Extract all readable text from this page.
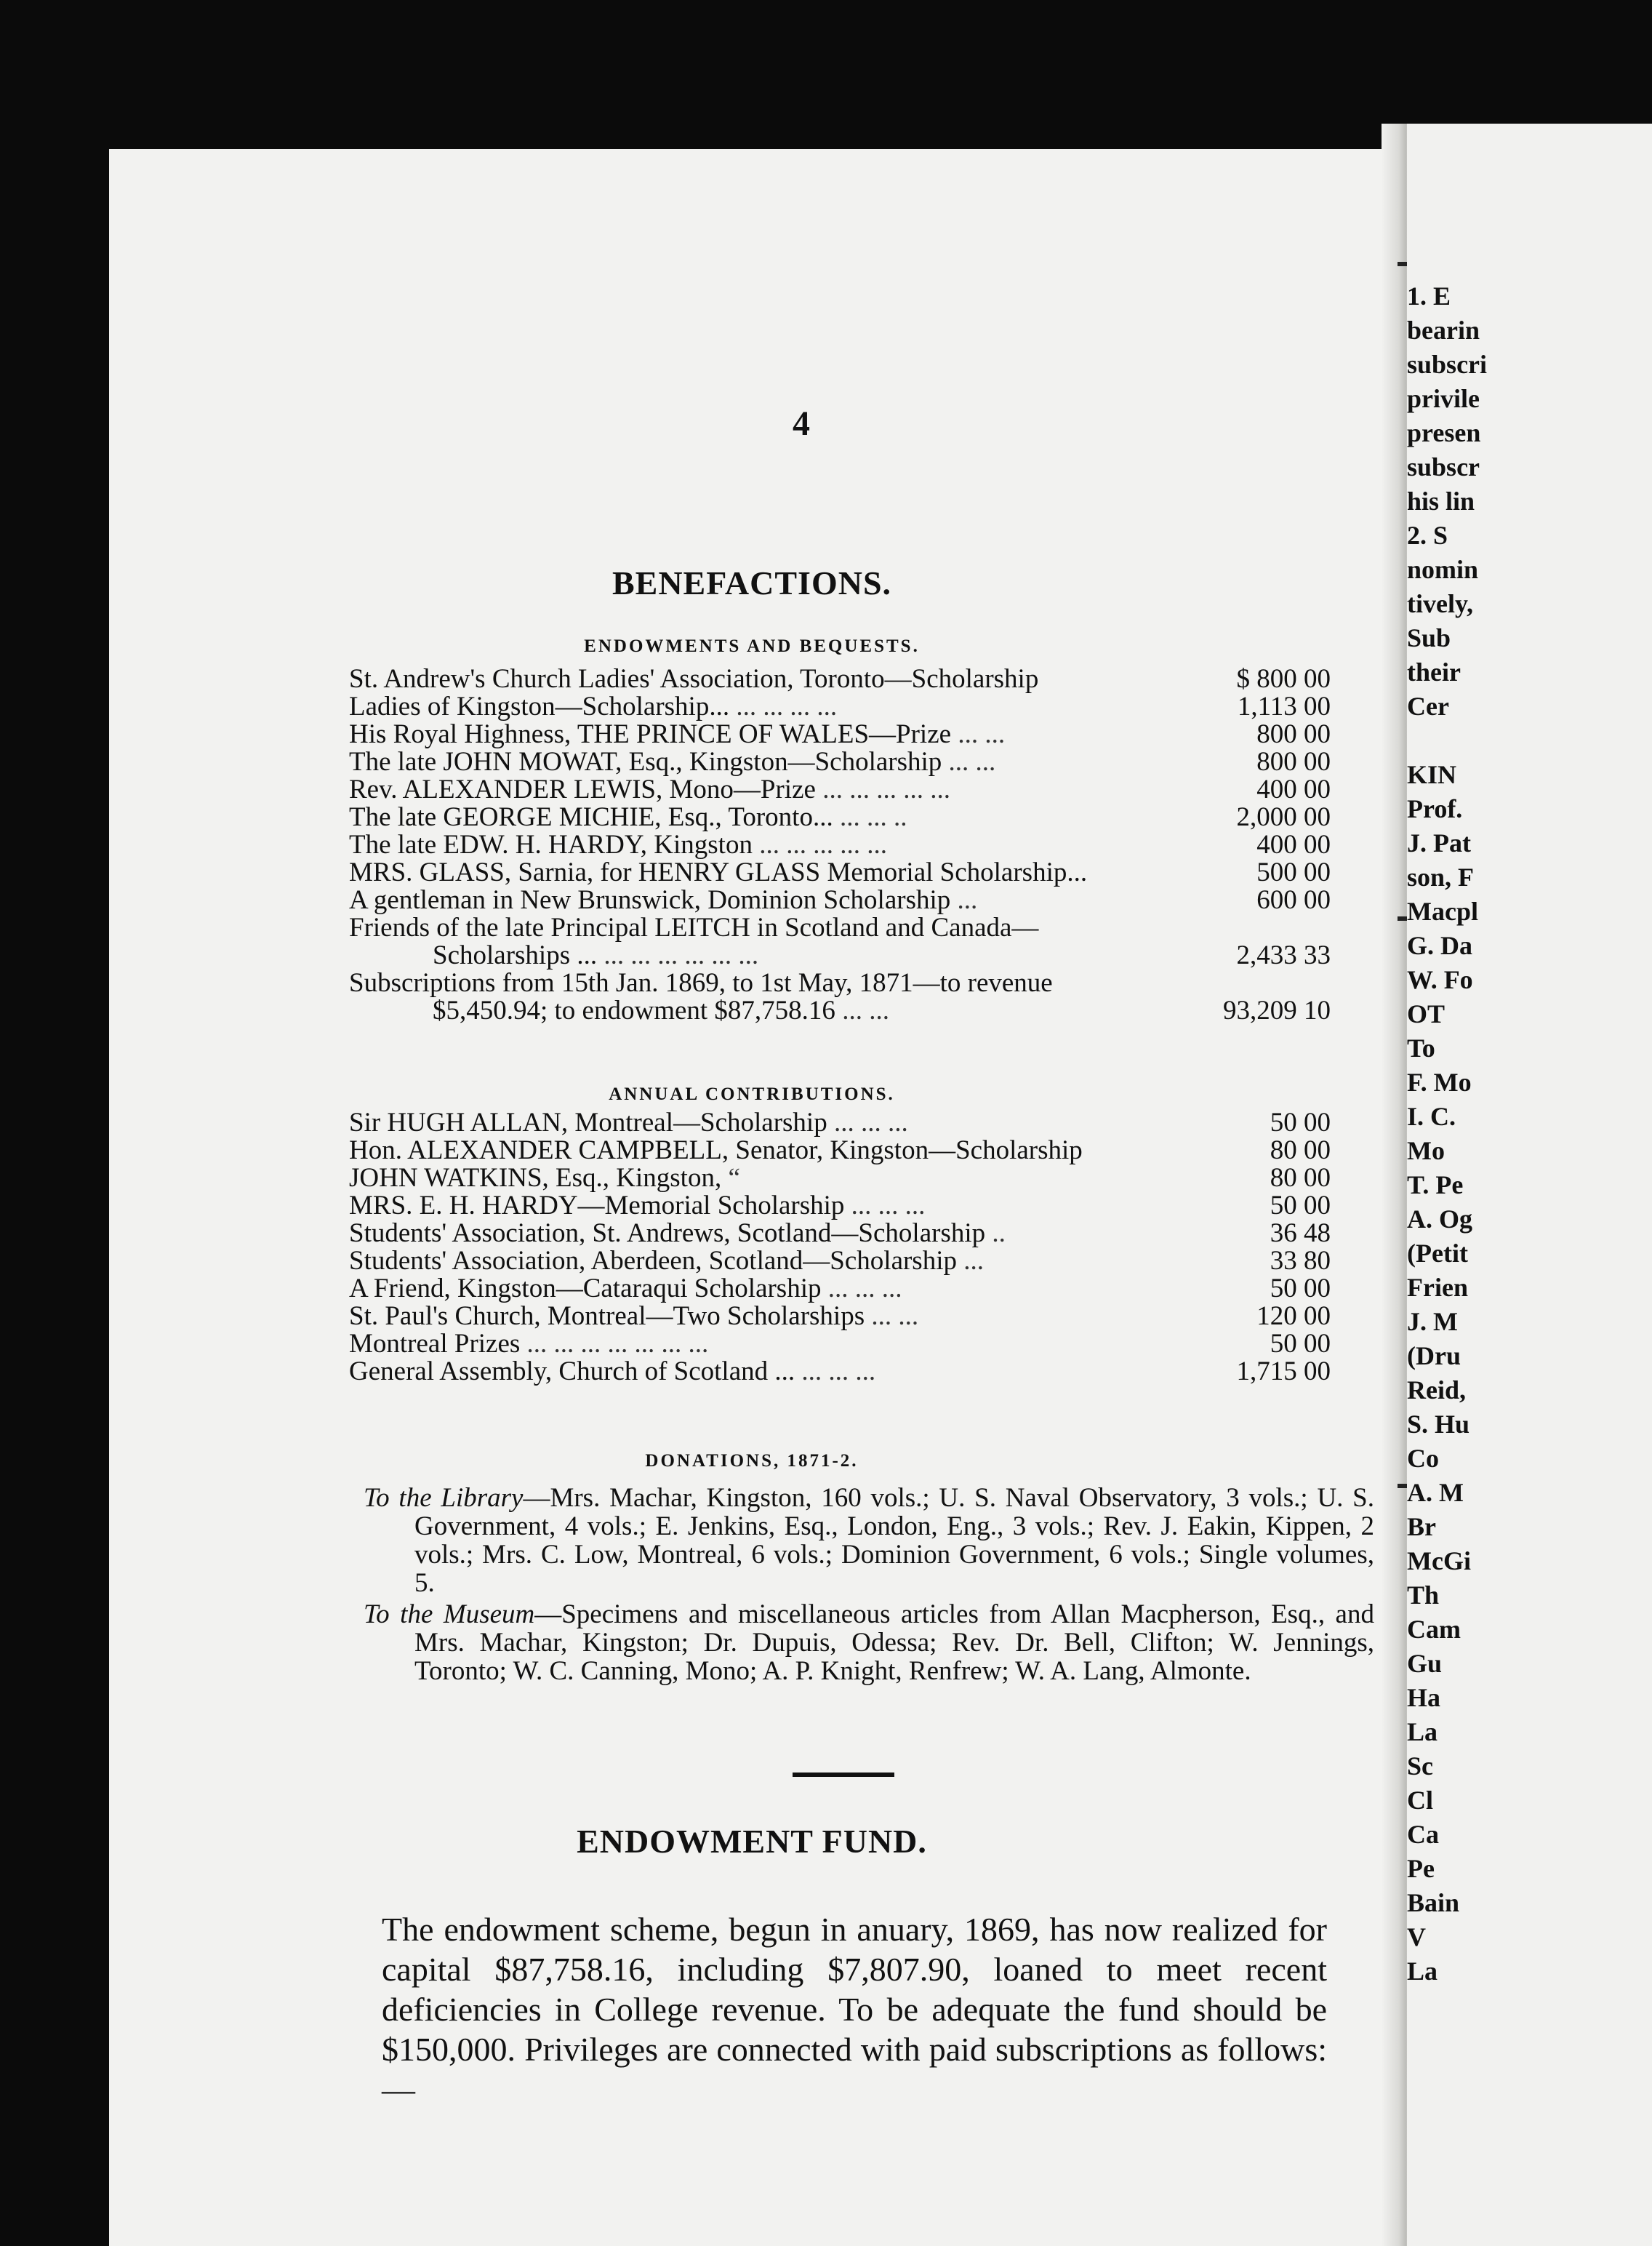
4
BENEFACTIONS.
ENDOWMENTS AND BEQUESTS.
St. Andrew's Church Ladies' Association, Toronto—Scholarship	$ 800 00
Ladies of Kingston—Scholarship... ... ... ... ...	1,113 00
His Royal Highness, THE PRINCE OF WALES—Prize ... ...	800 00
The late JOHN MOWAT, Esq., Kingston—Scholarship ... ...	800 00
Rev. ALEXANDER LEWIS, Mono—Prize ... ... ... ... ...	400 00
The late GEORGE MICHIE, Esq., Toronto... ... ... ..	2,000 00
The late EDW. H. HARDY, Kingston ... ... ... ... ...	400 00
MRS. GLASS, Sarnia, for HENRY GLASS Memorial Scholarship...	500 00
A gentleman in New Brunswick, Dominion Scholarship ...	600 00
Friends of the late Principal LEITCH in Scotland and Canada—
Scholarships ... ... ... ... ... ... ...	2,433 33
Subscriptions from 15th Jan. 1869, to 1st May, 1871—to revenue
$5,450.94; to endowment $87,758.16 ... ...	93,209 10
ANNUAL CONTRIBUTIONS.
Sir HUGH ALLAN, Montreal—Scholarship ... ... ...	50 00
Hon. ALEXANDER CAMPBELL, Senator, Kingston—Scholarship	80 00
JOHN WATKINS, Esq., Kingston, “	80 00
MRS. E. H. HARDY—Memorial Scholarship ... ... ...	50 00
Students' Association, St. Andrews, Scotland—Scholarship ..	36 48
Students' Association, Aberdeen, Scotland—Scholarship ...	33 80
A Friend, Kingston—Cataraqui Scholarship ... ... ...	50 00
St. Paul's Church, Montreal—Two Scholarships ... ...	120 00
Montreal Prizes ... ... ... ... ... ... ...	50 00
General Assembly, Church of Scotland ... ... ... ...	1,715 00
DONATIONS, 1871-2.
To the Library—Mrs. Machar, Kingston, 160 vols.; U. S. Naval Observatory, 3 vols.; U. S. Government, 4 vols.; E. Jenkins, Esq., London, Eng., 3 vols.; Rev. J. Eakin, Kippen, 2 vols.; Mrs. C. Low, Montreal, 6 vols.; Dominion Government, 6 vols.; Single volumes, 5.
To the Museum—Specimens and miscellaneous articles from Allan Macpherson, Esq., and Mrs. Machar, Kingston; Dr. Dupuis, Odessa; Rev. Dr. Bell, Clifton; W. Jennings, Toronto; W. C. Canning, Mono; A. P. Knight, Renfrew; W. A. Lang, Almonte.
ENDOWMENT FUND.
The endowment scheme, begun in anuary, 1869, has now realized for capital $87,758.16, including $7,807.90, loaned to meet recent deficiencies in College revenue. To be adequate the fund should be $150,000. Privileges are connected with paid subscriptions as follows:—
1. E
bearin
subscri
privile
presen
subscr
his lin
2. S
nomin
tively,
Sub
their
Cer
KIN
Prof.
J. Pat
son, F
Macpl
G. Da
W. Fo
OT
To
F. Mo
I. C.
Mo
T. Pe
A. Og
(Petit
Frien
J. M
(Dru
Reid,
S. Hu
Co
A. M
Br
McGi
Th
Cam
Gu
Ha
La
Sc
Cl
Ca
Pe
Bain
V
La
